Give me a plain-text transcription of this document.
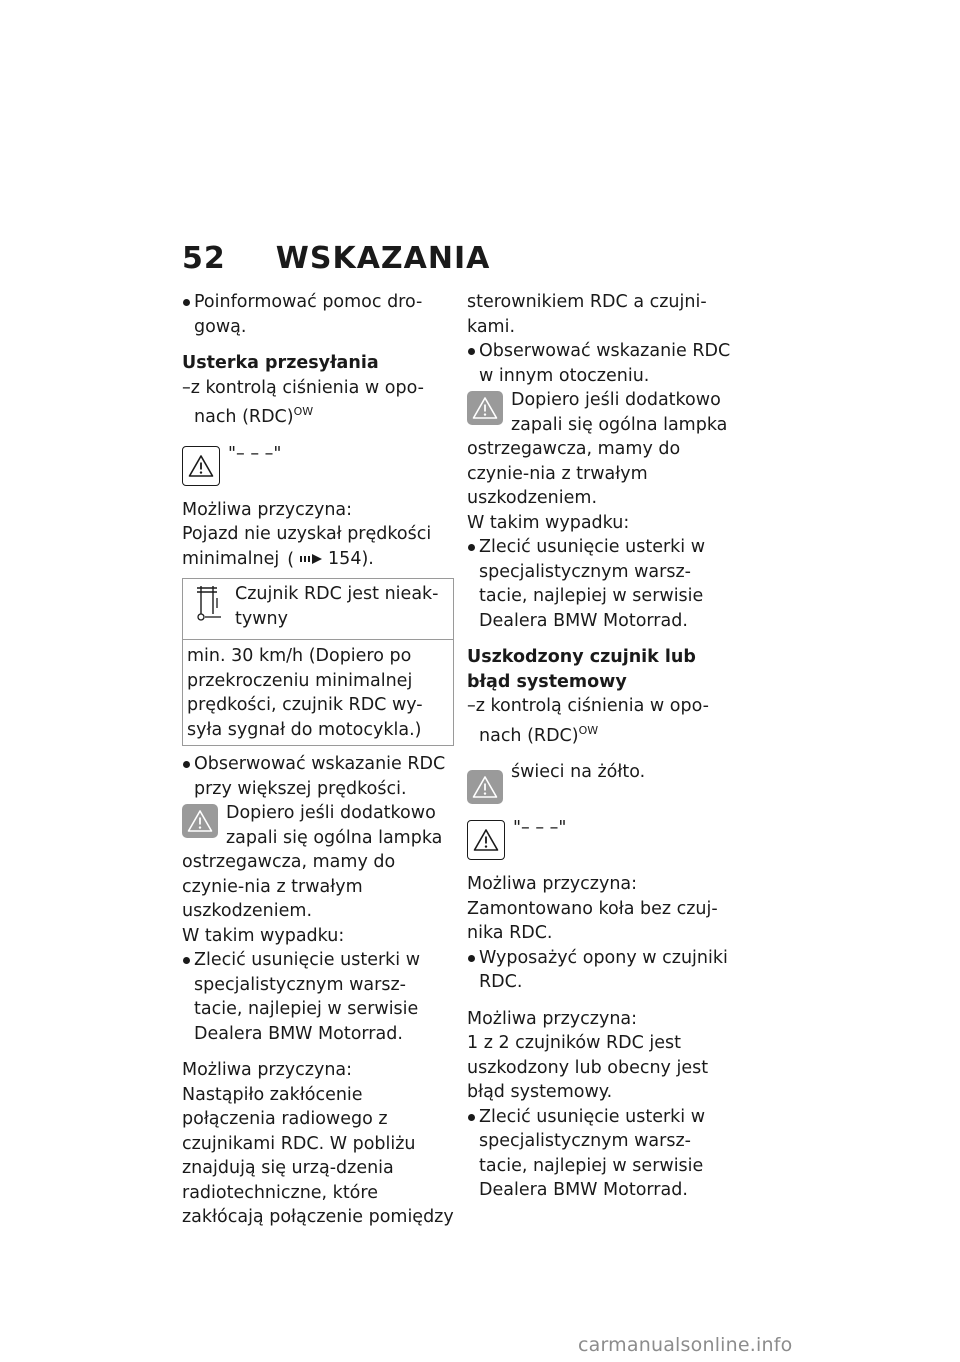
52 WSKAZANIA

Poinformować pomoc dro-gową.

Usterka przesyłania

–z kontrolą ciśnienia w opo-nach (RDC)$^{OW}$

"– – –"

Możliwa przyczyna:

Pojazd nie uzyskał prędkości minimalnej ( 154).

Czujnik RDC jest nieak-tywny
min. 30 km/h (Dopiero po przekroczeniu minimalnej prędkości, czujnik RDC wy-syła sygnał do motocykla.)

Obserwować wskazanie RDC przy większej prędkości.

Dopiero jeśli dodatkowo zapali się ogólna lampka ostrzegawcza, mamy do czynie-nia z trwałym uszkodzeniem.

W takim wypadku:

Zlecić usunięcie usterki w specjalistycznym warsz-tacie, najlepiej w serwisie Dealera BMW Motorrad.

Możliwa przyczyna:

Nastąpiło zakłócenie połączenia radiowego z czujnikami RDC. W pobliżu znajdują się urzą-dzenia radiotechniczne, które zakłócają połączenie pomiędzy

sterownikiem RDC a czujni-kami.

Obserwować wskazanie RDC w innym otoczeniu.

Dopiero jeśli dodatkowo zapali się ogólna lampka ostrzegawcza, mamy do czynie-nia z trwałym uszkodzeniem.

W takim wypadku:

Zlecić usunięcie usterki w specjalistycznym warsz-tacie, najlepiej w serwisie Dealera BMW Motorrad.

Uszkodzony czujnik lub błąd systemowy

–z kontrolą ciśnienia w opo-nach (RDC)$^{OW}$

świeci na żółto.
"– – –"

Możliwa przyczyna:

Zamontowano koła bez czuj-nika RDC.

Wyposażyć opony w czujniki RDC.

Możliwa przyczyna:

1 z 2 czujników RDC jest uszkodzony lub obecny jest błąd systemowy.

Zlecić usunięcie usterki w specjalistycznym warsz-tacie, najlepiej w serwisie Dealera BMW Motorrad.

carmanualsonline.info
